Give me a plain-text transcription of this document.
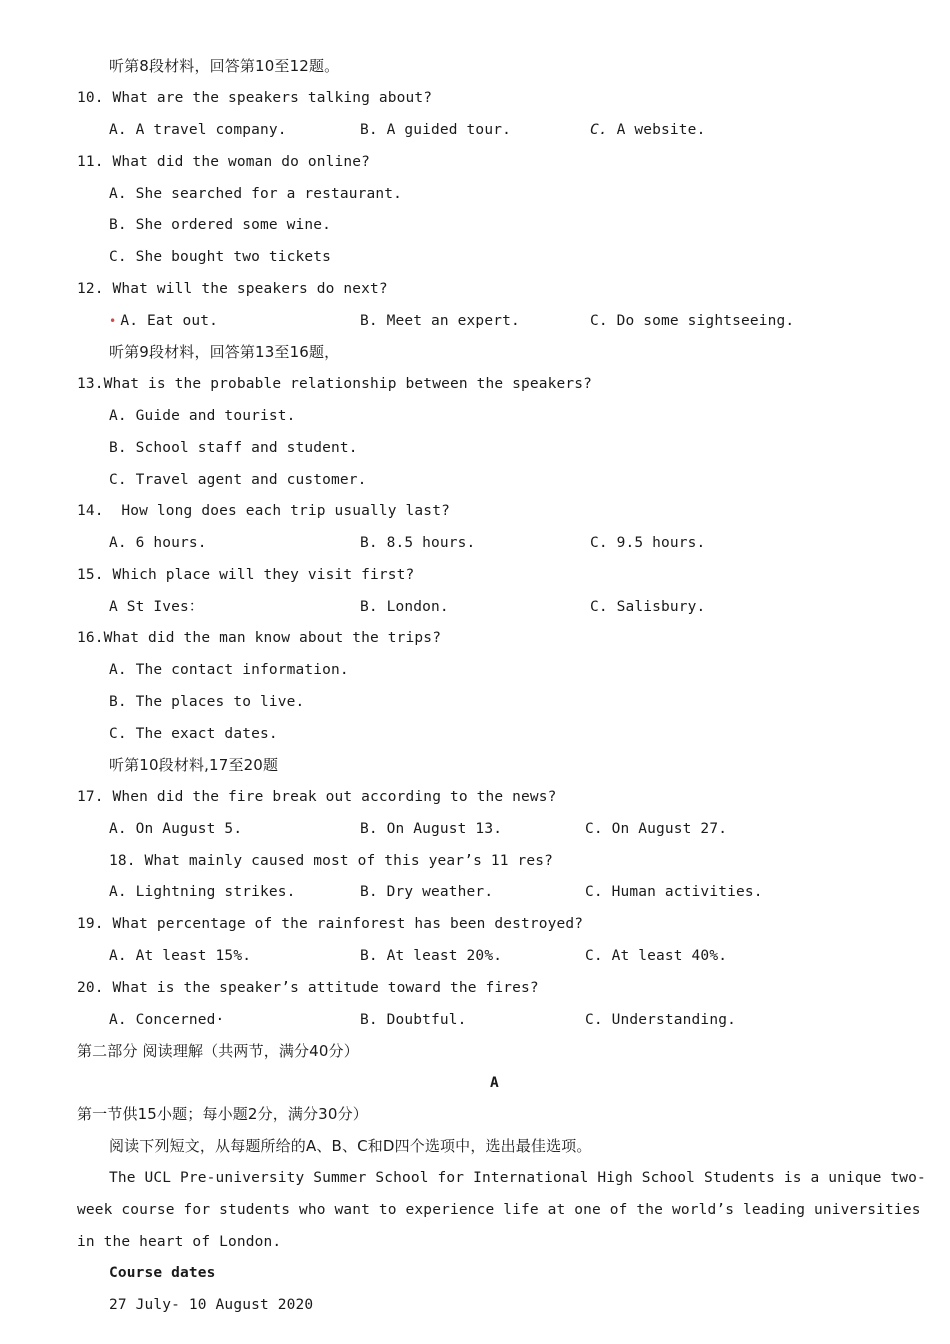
听第8段材料，回答第10至12题。
10. What are the speakers talking about?
A. A travel company.	B. A guided tour.	C. A website.
11. What did the woman do online?
A. She searched for a restaurant.
B. She ordered some wine.
C. She bought two tickets
12. What will the speakers do next?
• A. Eat out.	B. Meet an expert.	C. Do some sightseeing.
听第9段材料，回答第13至16题，
13.What is the probable relationship between the speakers?
A. Guide and tourist.
B. School staff and student.
C. Travel agent and customer.
14.  How long does each trip usually last?
A. 6 hours.	B. 8.5 hours.	C. 9.5 hours.
15. Which place will they visit first?
A St Ives：	B. London.	C. Salisbury.
16.What did the man know about the trips?
A. The contact information.
B. The places to live.
C. The exact dates.
听第10段材料,17至20题
17. When did the fire break out according to the news?
A. On August 5.	B. On August 13.	C. On August 27.
18. What mainly caused most of this year’s 11 res?
A. Lightning strikes.	B. Dry weather.	C. Human activities.
19. What percentage of the rainforest has been destroyed?
A. At least 15%.	B. At least 20%.	C. At least 40%.
20. What is the speaker’s attitude toward the fires?
A. Concerned·	B. Doubtful.	C. Understanding.
第二部分 阅读理解（共两节，满分40分）
A
第一节供15小题；每小题2分，满分30分）
阅读下列短文，从每题所给的A、B、C和D四个选项中，选出最佳选项。
The UCL Pre-university Summer School for International High School Students is a unique two-
week course for students who want to experience life at one of the world’s leading universities
in the heart of London.
Course dates
27 July- 10 August 2020
